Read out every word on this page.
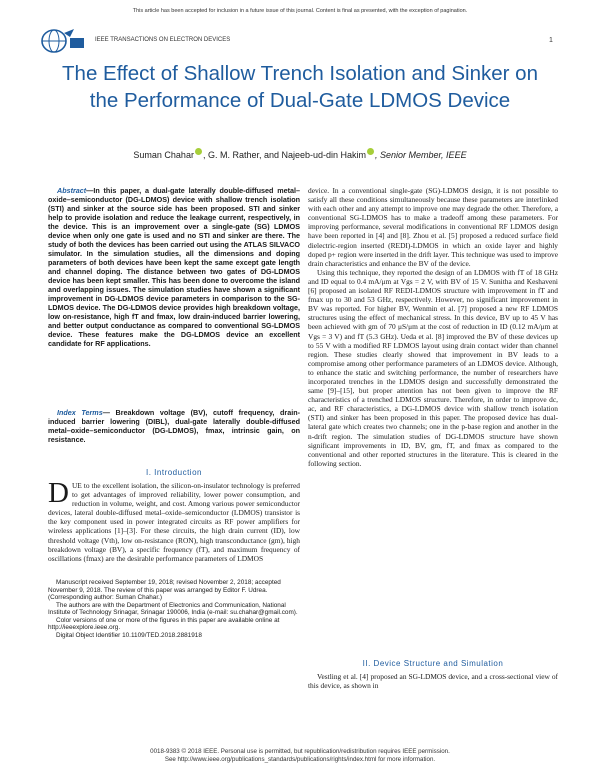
This article has been accepted for inclusion in a future issue of this journal. Content is final as presented, with the exception of pagination.
IEEE TRANSACTIONS ON ELECTRON DEVICES	1
The Effect of Shallow Trench Isolation and Sinker on the Performance of Dual-Gate LDMOS Device
Suman Chahar , G. M. Rather, and Najeeb-ud-din Hakim , Senior Member, IEEE

Abstract—In this paper, a dual-gate laterally double-diffused metal–oxide–semiconductor (DG-LDMOS) device with shallow trench isolation (STI) and sinker at the source side has been proposed. STI and sinker help to provide isolation and reduce the leakage current, respectively, in the device. This is an improvement over a single-gate (SG) LDMOS device when only one gate is used and no STI and sinker are there. The study of both the devices has been carried out using the ATLAS SILVACO simulator. In the simulation studies, all the dimensions and doping parameters of both devices have been kept the same except gate length and channel doping. The distance between two gates of DG-LDMOS device has been kept smaller. This has been done to overcome the island and overlapping issues. The simulation studies have shown a significant improvement in DG-LDMOS device parameters in comparison to the SG-LDMOS device. The DG-LDMOS device provides high breakdown voltage, low on-resistance, high fT and fmax, low drain-induced barrier lowering, and better output conductance as compared to conventional SG-LDMOS device. These features make the DG-LDMOS device an excellent candidate for RF applications.

Index Terms— Breakdown voltage (BV), cutoff frequency, drain-induced barrier lowering (DIBL), dual-gate laterally double-diffused metal–oxide–semiconductor (DG-LDMOS), fmax, intrinsic gain, on resistance.

I. Introduction

DUE to the excellent isolation, the silicon-on-insulator technology is preferred to get advantages of improved reliability, lower power consumption, and reduction in volume, weight, and cost. Among various power semiconductor devices, lateral double-diffused metal–oxide–semiconductor (LDMOS) transistor is the key component used in power integrated circuits as RF power amplifiers for wireless applications [1]–[3]. For these circuits, the high drain current (ID), low threshold voltage (Vth), low on-resistance (RON), high transconductance (gm), high breakdown voltage (BV), a specific frequency (fT), and maximum frequency of oscillations (fmax) are the desirable performance parameters of LDMOS

Manuscript received September 19, 2018; revised November 2, 2018; accepted November 9, 2018. The review of this paper was arranged by Editor F. Udrea. (Corresponding author: Suman Chahar.)

The authors are with the Department of Electronics and Communication, National Institute of Technology Srinagar, Srinagar 190006, India (e-mail: su.chahar@gmail.com).

Color versions of one or more of the figures in this paper are available online at http://ieeexplore.ieee.org.

Digital Object Identifier 10.1109/TED.2018.2881918

device. In a conventional single-gate (SG)-LDMOS design, it is not possible to satisfy all these conditions simultaneously because these parameters are interlinked with each other and any attempt to improve one may degrade the other. Therefore, a conventional SG-LDMOS has to make a tradeoff among these parameters. For improving performance, several modifications in conventional RF LDMOS design have been reported in [4] and [8]. Zhou et al. [5] proposed a reduced surface field dielectric-region inserted (REDI)-LDMOS in which an oxide layer and highly doped p+ region were inserted in the drift layer. This technique was used to improve drain characteristics and enhance the BV of the device.

Using this technique, they reported the design of an LDMOS with fT of 18 GHz and ID equal to 0.4 mA/μm at Vgs = 2 V, with BV of 15 V. Sunitha and Keshaveni [6] proposed an isolated RF REDI-LDMOS structure with improvement in fT and fmax up to 30 and 53 GHz, respectively. However, no significant improvement in BV was reported. For higher BV, Wenmin et al. [7] proposed a new RF LDMOS structures using the effect of mechanical stress. In this device, BV up to 45 V has been achieved with gm of 70 μS/μm at the cost of reduction in ID (0.12 mA/μm at Vgs = 3 V) and fT (5.3 GHz). Ueda et al. [8] improved the BV of these devices up to 55 V with a modified RF LDMOS layout using drain contact wider than channel region. These studies clearly showed that improvement in BV leads to a compromise among other performance parameters of an LDMOS device. Although, to enhance the static and switching performance, the number of researchers have incorporated trenches in the LDMOS design and successfully demonstrated the same [9]–[15], but proper attention has not been given to improve the RF characteristics of a trenched LDMOS structure. Therefore, in order to improve dc, ac, and RF characteristics, a DG-LDMOS device with shallow trench isolation (STI) and sinker has been proposed in this paper. The proposed device has dual-lateral gate which creates two channels; one in the p-base region and another in the n-drift region. The simulation studies of DG-LDMOS structure have shown significant improvements in ID, BV, gm, fT, and fmax as compared to the conventional and other reported structures in the literature. This is cleared in the following section.

II. Device Structure and Simulation

Vestling et al. [4] proposed an SG-LDMOS device, and a cross-sectional view of this device, as shown in

0018-9383 © 2018 IEEE. Personal use is permitted, but republication/redistribution requires IEEE permission.
See http://www.ieee.org/publications_standards/publications/rights/index.html for more information.
